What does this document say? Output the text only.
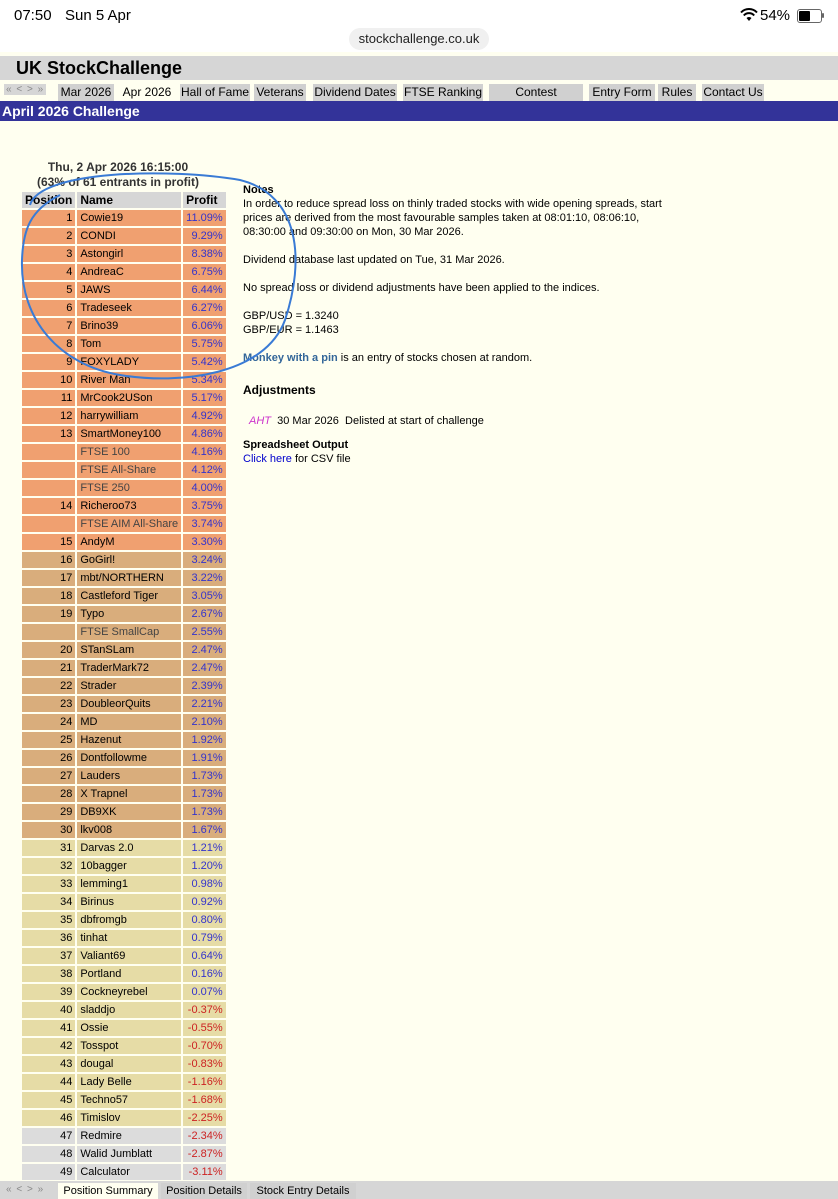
07:50 Sun 5 Apr	54%
stockchallenge.co.uk
UK StockChallenge
« < > » Mar 2026 Apr 2026 Hall of Fame Veterans Dividend Dates FTSE Ranking	Contest	Entry Form Rules Contact Us
April 2026 Challenge
Thu, 2 Apr 2026 16:15:00
(63% of 61 entrants in profit)
Position	Name	Profit
1	Cowie19	11.09%
2	CONDI	9.29%
3	Astongirl	8.38%
4	AndreaC	6.75%
5	JAWS	6.44%
6	Tradeseek	6.27%
7	Brino39	6.06%
8	Tom	5.75%
9	FOXYLADY	5.42%
10	River Man	5.34%
11	MrCook2USon	5.17%
12	harrywilliam	4.92%
13	SmartMoney100	4.86%
	FTSE 100	4.16%
	FTSE All-Share	4.12%
	FTSE 250	4.00%
14	Richeroo73	3.75%
	FTSE AIM All-Share	3.74%
15	AndyM	3.30%
16	GoGirl!	3.24%
17	mbt/NORTHERN	3.22%
18	Castleford Tiger	3.05%
19	Typo	2.67%
	FTSE SmallCap	2.55%
20	STanSLam	2.47%
21	TraderMark72	2.47%
22	Strader	2.39%
23	DoubleorQuits	2.21%
24	MD	2.10%
25	Hazenut	1.92%
26	Dontfollowme	1.91%
27	Lauders	1.73%
28	X Trapnel	1.73%
29	DB9XK	1.73%
30	lkv008	1.67%
31	Darvas 2.0	1.21%
32	10bagger	1.20%
33	lemming1	0.98%
34	Birinus	0.92%
35	dbfromgb	0.80%
36	tinhat	0.79%
37	Valiant69	0.64%
38	Portland	0.16%
39	Cockneyrebel	0.07%
40	sladdjo	-0.37%
41	Ossie	-0.55%
42	Tosspot	-0.70%
43	dougal	-0.83%
44	Lady Belle	-1.16%
45	Techno57	-1.68%
46	Timislov	-2.25%
47	Redmire	-2.34%
48	Walid Jumblatt	-2.87%
49	Calculator	-3.11%
Notes
In order to reduce spread loss on thinly traded stocks with wide opening spreads, start prices are derived from the most favourable samples taken at 08:01:10, 08:06:10, 08:30:00 and 09:30:00 on Mon, 30 Mar 2026.
Dividend database last updated on Tue, 31 Mar 2026.
No spread loss or dividend adjustments have been applied to the indices.
GBP/USD = 1.3240
GBP/EUR = 1.1463
Monkey with a pin is an entry of stocks chosen at random.
Adjustments
AHT 30 Mar 2026 Delisted at start of challenge
Spreadsheet Output
Click here for CSV file
« < > »	Position Summary	Position Details	Stock Entry Details
